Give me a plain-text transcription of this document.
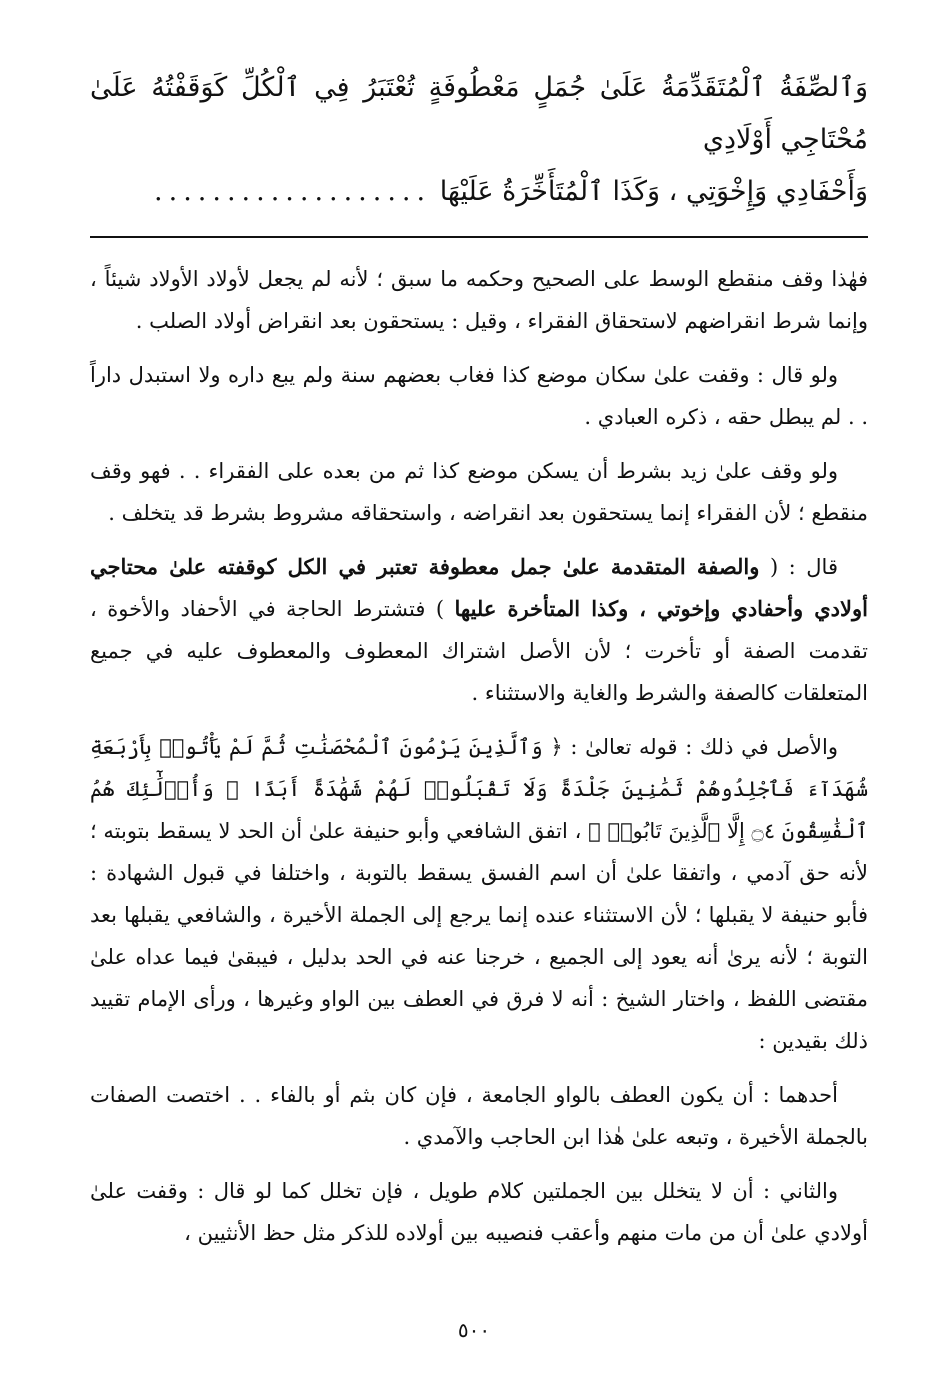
وَٱلصِّفَةُ ٱلْمُتَقَدِّمَةُ عَلَىٰ جُمَلٍ مَعْطُوفَةٍ تُعْتَبَرُ فِي ٱلْكُلِّ كَوَقَفْتُهُ عَلَىٰ مُحْتَاجِي أَوْلَادِي

وَأَحْفَادِي وَإِخْوَتِي ، وَكَذَا ٱلْمُتَأَخِّرَةُ عَلَيْهَا ...................

فهٰذا وقف منقطع الوسط على الصحيح وحكمه ما سبق ؛ لأنه لم يجعل لأولاد الأولاد شيئاً ، وإنما شرط انقراضهم لاستحقاق الفقراء ، وقيل : يستحقون بعد انقراض أولاد الصلب .

ولو قال : وقفت علىٰ سكان موضع كذا فغاب بعضهم سنة ولم يبع داره ولا استبدل داراً . . لم يبطل حقه ، ذكره العبادي .

ولو وقف علىٰ زيد بشرط أن يسكن موضع كذا ثم من بعده على الفقراء . . فهو وقف منقطع ؛ لأن الفقراء إنما يستحقون بعد انقراضه ، واستحقاقه مشروط بشرط قد يتخلف .

قال : ( والصفة المتقدمة علىٰ جمل معطوفة تعتبر في الكل كوقفته علىٰ محتاجي أولادي وأحفادي وإخوتي ، وكذا المتأخرة عليها ) فتشترط الحاجة في الأحفاد والأخوة ، تقدمت الصفة أو تأخرت ؛ لأن الأصل اشتراك المعطوف والمعطوف عليه في جميع المتعلقات كالصفة والشرط والغاية والاستثناء .

والأصل في ذلك : قوله تعالىٰ : ﴿ وَٱلَّذِينَ يَرْمُونَ ٱلْمُحْصَنَٰتِ ثُمَّ لَمْ يَأْتُوا۟ بِأَرْبَعَةِ شُهَدَآءَ فَٱجْلِدُوهُمْ ثَمَٰنِينَ جَلْدَةً وَلَا تَقْبَلُوا۟ لَهُمْ شَهَٰدَةً أَبَدًا ۚ وَأُو۟لَٰٓئِكَ هُمُ ٱلْفَٰسِقُونَ ۝٤ إِلَّا ٱلَّذِينَ تَابُوا۟ ﴾ ، اتفق الشافعي وأبو حنيفة علىٰ أن الحد لا يسقط بتوبته ؛ لأنه حق آدمي ، واتفقا علىٰ أن اسم الفسق يسقط بالتوبة ، واختلفا في قبول الشهادة : فأبو حنيفة لا يقبلها ؛ لأن الاستثناء عنده إنما يرجع إلى الجملة الأخيرة ، والشافعي يقبلها بعد التوبة ؛ لأنه يرىٰ أنه يعود إلى الجميع ، خرجنا عنه في الحد بدليل ، فيبقىٰ فيما عداه علىٰ مقتضى اللفظ ، واختار الشيخ : أنه لا فرق في العطف بين الواو وغيرها ، ورأى الإمام تقييد ذلك بقيدين :

أحدهما : أن يكون العطف بالواو الجامعة ، فإن كان بثم أو بالفاء . . اختصت الصفات بالجملة الأخيرة ، وتبعه علىٰ هٰذا ابن الحاجب والآمدي .

والثاني : أن لا يتخلل بين الجملتين كلام طويل ، فإن تخلل كما لو قال : وقفت علىٰ أولادي علىٰ أن من مات منهم وأعقب فنصيبه بين أولاده للذكر مثل حظ الأنثيين ،

٥٠٠
